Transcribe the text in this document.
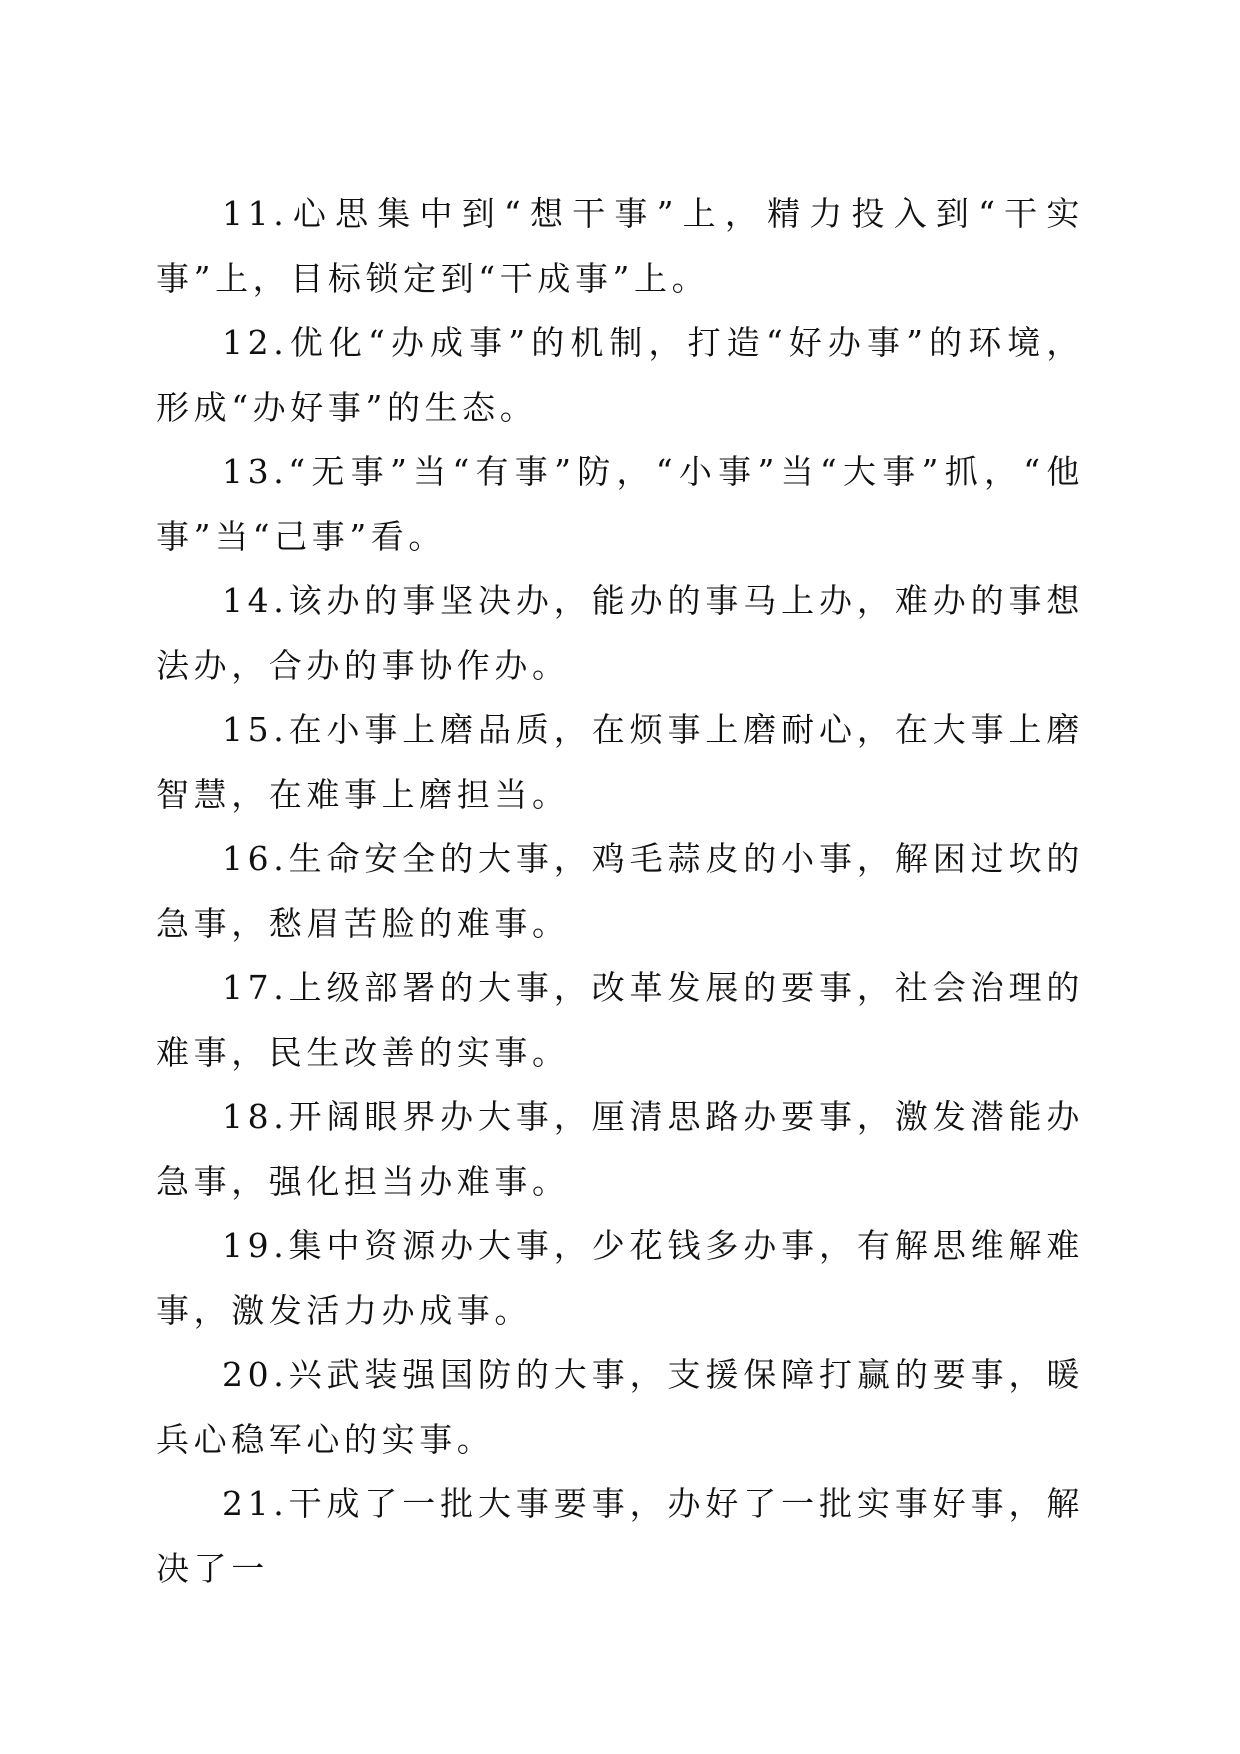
11.心思集中到“想干事”上，精力投入到“干实事”上，目标锁定到“干成事”上。

12.优化“办成事”的机制，打造“好办事”的环境，形成“办好事”的生态。

13.“无事”当“有事”防，“小事”当“大事”抓，“他事”当“己事”看。

14.该办的事坚决办，能办的事马上办，难办的事想法办，合办的事协作办。

15.在小事上磨品质，在烦事上磨耐心，在大事上磨智慧，在难事上磨担当。

16.生命安全的大事，鸡毛蒜皮的小事，解困过坎的急事，愁眉苦脸的难事。

17.上级部署的大事，改革发展的要事，社会治理的难事，民生改善的实事。

18.开阔眼界办大事，厘清思路办要事，激发潜能办急事，强化担当办难事。

19.集中资源办大事，少花钱多办事，有解思维解难事，激发活力办成事。

20.兴武装强国防的大事，支援保障打赢的要事，暖兵心稳军心的实事。

21.干成了一批大事要事，办好了一批实事好事，解决了一
